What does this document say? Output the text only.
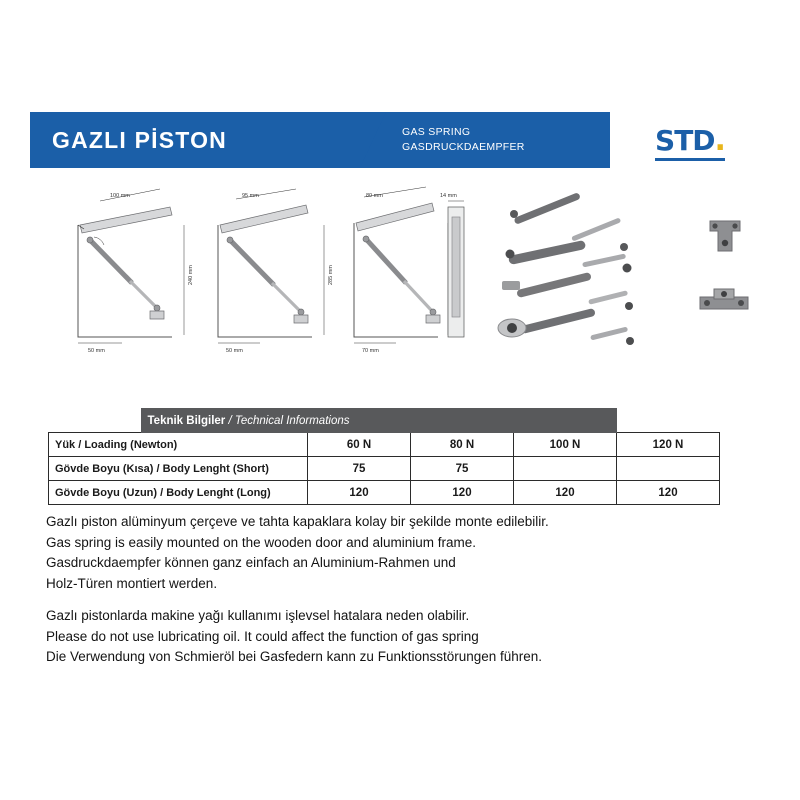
GAZLI PİSTON	GAS SPRING
GASDRUCKDAEMPFER	STD.
100 mm
240 mm
50 mm
95 mm
285 mm
50 mm
80 mm
70 mm
14 mm
	Teknik Bilgiler / Technical Informations				
Yük / Loading (Newton)		60 N	80 N	100 N	120 N
Gövde Boyu (Kısa) / Body Lenght (Short)		75	75		
Gövde Boyu (Uzun) / Body Lenght (Long)		120	120	120	120
Gazlı piston alüminyum çerçeve ve tahta kapaklara kolay bir şekilde monte edilebilir.
Gas spring is easily mounted on the wooden door and aluminium frame.
Gasdruckdaempfer können ganz einfach an Aluminium-Rahmen und
Holz-Türen montiert werden.
Gazlı pistonlarda makine yağı kullanımı işlevsel hatalara neden olabilir.
Please do not use lubricating oil. It could affect the function of gas spring
Die Verwendung von Schmieröl bei Gasfedern kann zu Funktionsstörungen führen.
